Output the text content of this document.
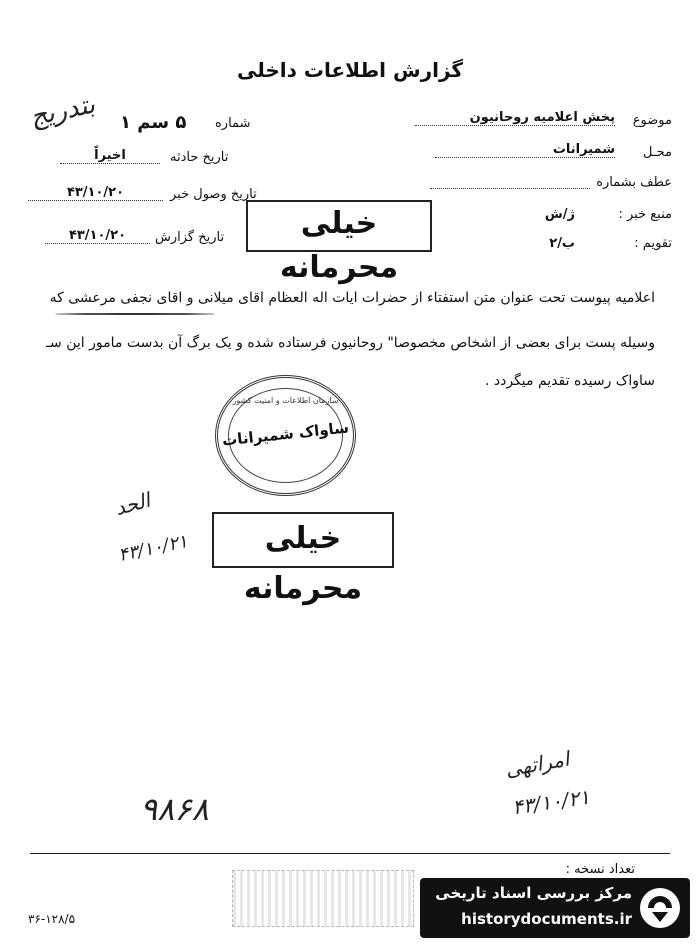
گزارش اطلاعات داخلی
موضوع
پخش اعلامیه روحانیون
محـل
شمیرانات
عطف بشماره
منبع خبر :
ژ/ش
تقویم :
ب/۲
شماره
۵ سم ۱
بتدریج
تاریخ حادثه
اخیراً
تاریخ وصول خبر
۴۳/۱۰/۲۰
تاریخ گزارش
۴۳/۱۰/۲۰	خیلی محرمانه
اعلامیه پیوست تحت عنوان متن استفتاء از حضرات ایات اله العظام اقای میلانی و اقای نجفی مرعشی که
وسیله پست برای بعضی از اشخاص مخصوصا" روحانیون فرستاده شده و یک برگ آن بدست مامور این سـ
ساواک رسیده تقدیم میگردد .
سازمان اطلاعات و امنیت کشور
ساواک شمیرانات
الحد
۴۳/۱۰/۲۱	خیلی محرمانه
امراتهى
۴۳/۱۰/۲۱
۹۸۶۸
تعداد نسخه :
۳۶-۱۲۸/۵
مرکز بررسی اسناد تاریخی
historydocuments.ir
